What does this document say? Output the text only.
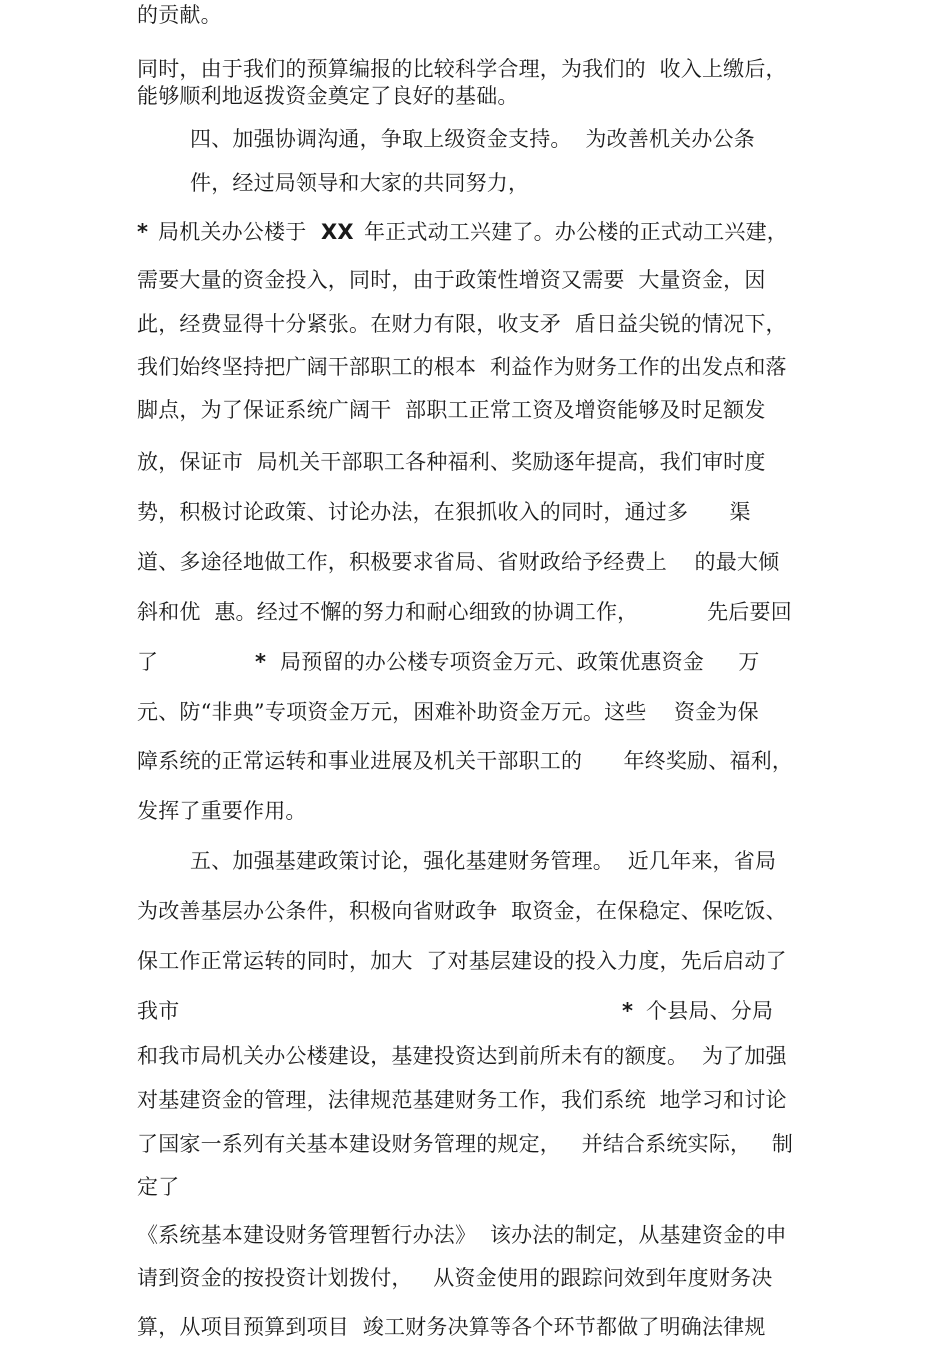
的贡献。
同时，由于我们的预算编报的比较科学合理，为我们的  收入上缴后，
能够顺利地返拨资金奠定了良好的基础。
四、加强协调沟通，争取上级资金支持。  为改善机关办公条
件，经过局领导和大家的共同努力，
* 局机关办公楼于 XX 年正式动工兴建了。办公楼的正式动工兴建，
需要大量的资金投入，同时，由于政策性增资又需要  大量资金，因
此，经费显得十分紧张。在财力有限，收支矛  盾日益尖锐的情况下，
我们始终坚持把广阔干部职工的根本  利益作为财务工作的出发点和落
脚点，为了保证系统广阔干  部职工正常工资及增资能够及时足额发
放，保证市  局机关干部职工各种福利、奖励逐年提高，我们审时度
势，积极讨论政策、讨论办法，在狠抓收入的同时，通过多      渠
道、多途径地做工作，积极要求省局、省财政给予经费上    的最大倾
斜和优  惠。经过不懈的努力和耐心细致的协调工作，          先后要回
了	* 局预留的办公楼专项资金万元、政策优惠资金     万
元、防“非典”专项资金万元，困难补助资金万元。这些    资金为保
障系统的正常运转和事业进展及机关干部职工的      年终奖励、福利，
发挥了重要作用。
五、加强基建政策讨论，强化基建财务管理。  近几年来，省局
为改善基层办公条件，积极向省财政争  取资金，在保稳定、保吃饭、
保工作正常运转的同时，加大  了对基层建设的投入力度，先后启动了
我市	* 个县局、分局
和我市局机关办公楼建设，基建投资达到前所未有的额度。  为了加强
对基建资金的管理，法律规范基建财务工作，我们系统  地学习和讨论
了国家一系列有关基本建设财务管理的规定，   并结合系统实际，   制
定了
《系统基本建设财务管理暂行办法》  该办法的制定，从基建资金的申
请到资金的按投资计划拨付，   从资金使用的跟踪问效到年度财务决
算，从项目预算到项目  竣工财务决算等各个环节都做了明确法律规
